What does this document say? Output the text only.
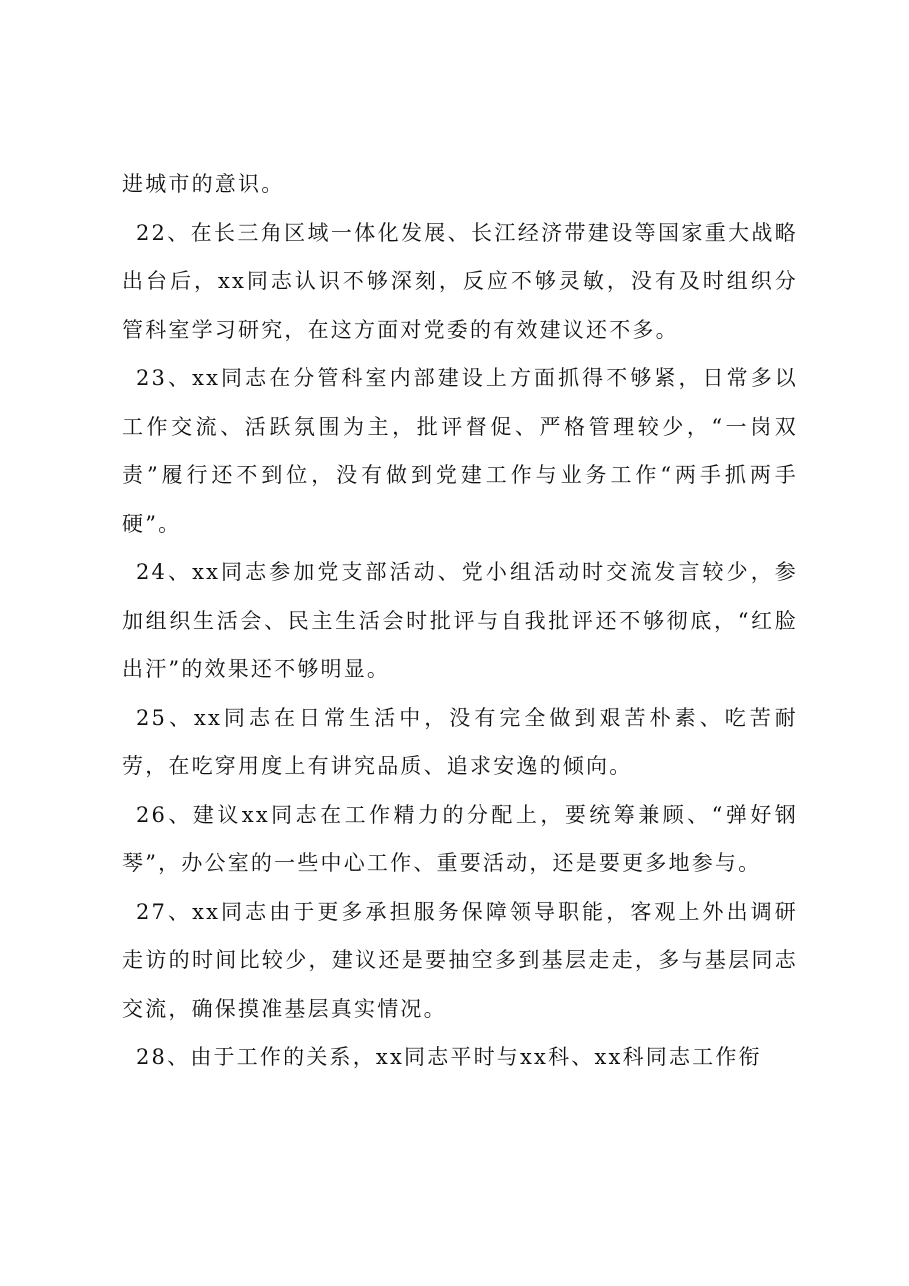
进城市的意识。

22、在长三角区域一体化发展、长江经济带建设等国家重大战略出台后，xx同志认识不够深刻，反应不够灵敏，没有及时组织分管科室学习研究，在这方面对党委的有效建议还不多。

23、xx同志在分管科室内部建设上方面抓得不够紧，日常多以工作交流、活跃氛围为主，批评督促、严格管理较少，“一岗双责”履行还不到位，没有做到党建工作与业务工作“两手抓两手硬”。

24、xx同志参加党支部活动、党小组活动时交流发言较少，参加组织生活会、民主生活会时批评与自我批评还不够彻底，“红脸出汗”的效果还不够明显。

25、xx同志在日常生活中，没有完全做到艰苦朴素、吃苦耐劳，在吃穿用度上有讲究品质、追求安逸的倾向。

26、建议xx同志在工作精力的分配上，要统筹兼顾、“弹好钢琴”，办公室的一些中心工作、重要活动，还是要更多地参与。

27、xx同志由于更多承担服务保障领导职能，客观上外出调研走访的时间比较少，建议还是要抽空多到基层走走，多与基层同志交流，确保摸准基层真实情况。

28、由于工作的关系，xx同志平时与xx科、xx科同志工作衔
